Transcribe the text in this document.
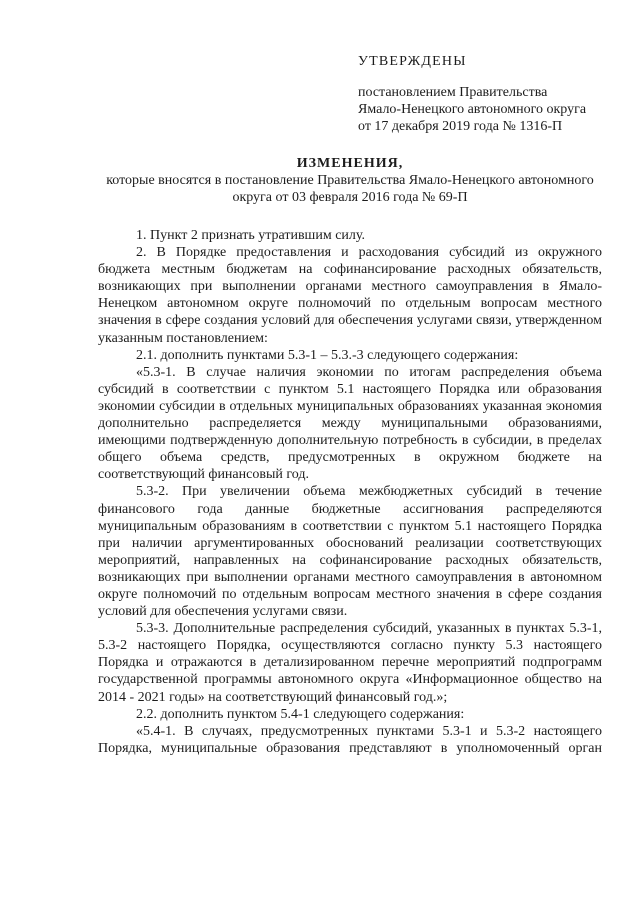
УТВЕРЖДЕНЫ
постановлением Правительства
Ямало-Ненецкого автономного округа
от 17 декабря 2019 года № 1316-П
ИЗМЕНЕНИЯ,
которые вносятся в постановление Правительства Ямало-Ненецкого автономного округа от 03 февраля 2016 года № 69-П

1. Пункт 2 признать утратившим силу.

2. В Порядке предоставления и расходования субсидий из окружного бюджета местным бюджетам на софинансирование расходных обязательств, возникающих при выполнении органами местного самоуправления в Ямало-Ненецком автономном округе полномочий по отдельным вопросам местного значения в сфере создания условий для обеспечения услугами связи, утвержденном указанным постановлением:

2.1. дополнить пунктами 5.3-1 – 5.3.-3 следующего содержания:

«5.3-1. В случае наличия экономии по итогам распределения объема субсидий в соответствии с пунктом 5.1 настоящего Порядка или образования экономии субсидии в отдельных муниципальных образованиях указанная экономия дополнительно распределяется между муниципальными образованиями, имеющими подтвержденную дополнительную потребность в субсидии, в пределах общего объема средств, предусмотренных в окружном бюджете на соответствующий финансовый год.

5.3-2. При увеличении объема межбюджетных субсидий в течение финансового года данные бюджетные ассигнования распределяются муниципальным образованиям в соответствии с пунктом 5.1 настоящего Порядка при наличии аргументированных обоснований реализации соответствующих мероприятий, направленных на софинансирование расходных обязательств, возникающих при выполнении органами местного самоуправления в автономном округе полномочий по отдельным вопросам местного значения в сфере создания условий для обеспечения услугами связи.

5.3-3. Дополнительные распределения субсидий, указанных в пунктах 5.3-1, 5.3-2 настоящего Порядка, осуществляются согласно пункту 5.3 настоящего Порядка и отражаются в детализированном перечне мероприятий подпрограмм государственной программы автономного округа «Информационное общество на 2014 - 2021 годы» на соответствующий финансовый год.»;

2.2. дополнить пунктом 5.4-1 следующего содержания:

«5.4-1. В случаях, предусмотренных пунктами 5.3-1 и 5.3-2 настоящего Порядка, муниципальные образования представляют в уполномоченный орган
